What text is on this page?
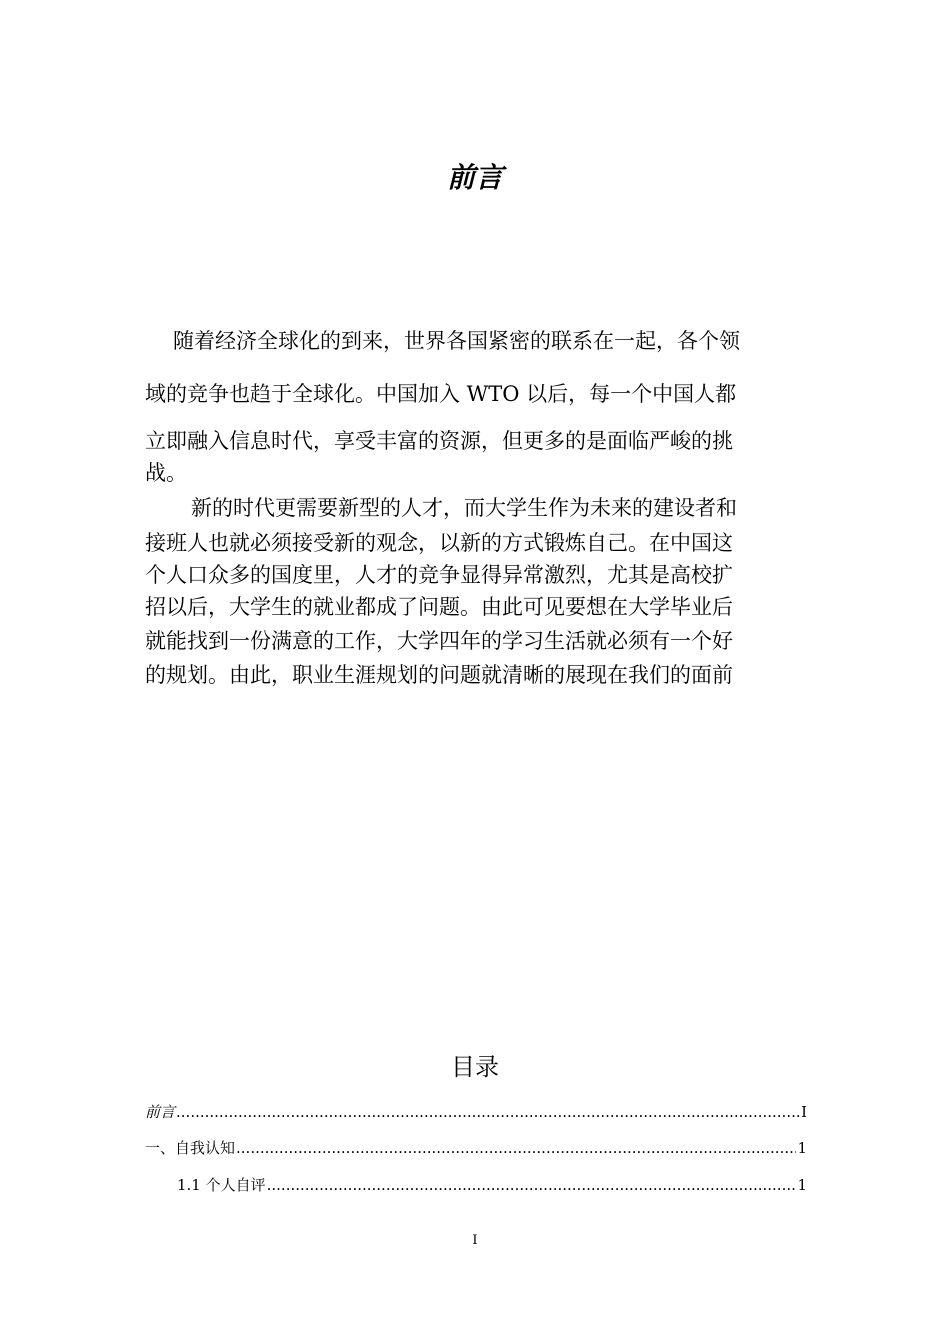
前言
随着经济全球化的到来，世界各国紧密的联系在一起，各个领
域的竞争也趋于全球化。中国加入 WTO 以后，每一个中国人都
立即融入信息时代，享受丰富的资源，但更多的是面临严峻的挑
战。
新的时代更需要新型的人才，而大学生作为未来的建设者和
接班人也就必须接受新的观念，以新的方式锻炼自己。在中国这
个人口众多的国度里，人才的竞争显得异常激烈，尤其是高校扩
招以后，大学生的就业都成了问题。由此可见要想在大学毕业后
就能找到一份满意的工作，大学四年的学习生活就必须有一个好
的规划。由此，职业生涯规划的问题就清晰的展现在我们的面前
目录
前言 .....	I
一、自我认知 .....	1
1.1 个人自评 .....	1
I
